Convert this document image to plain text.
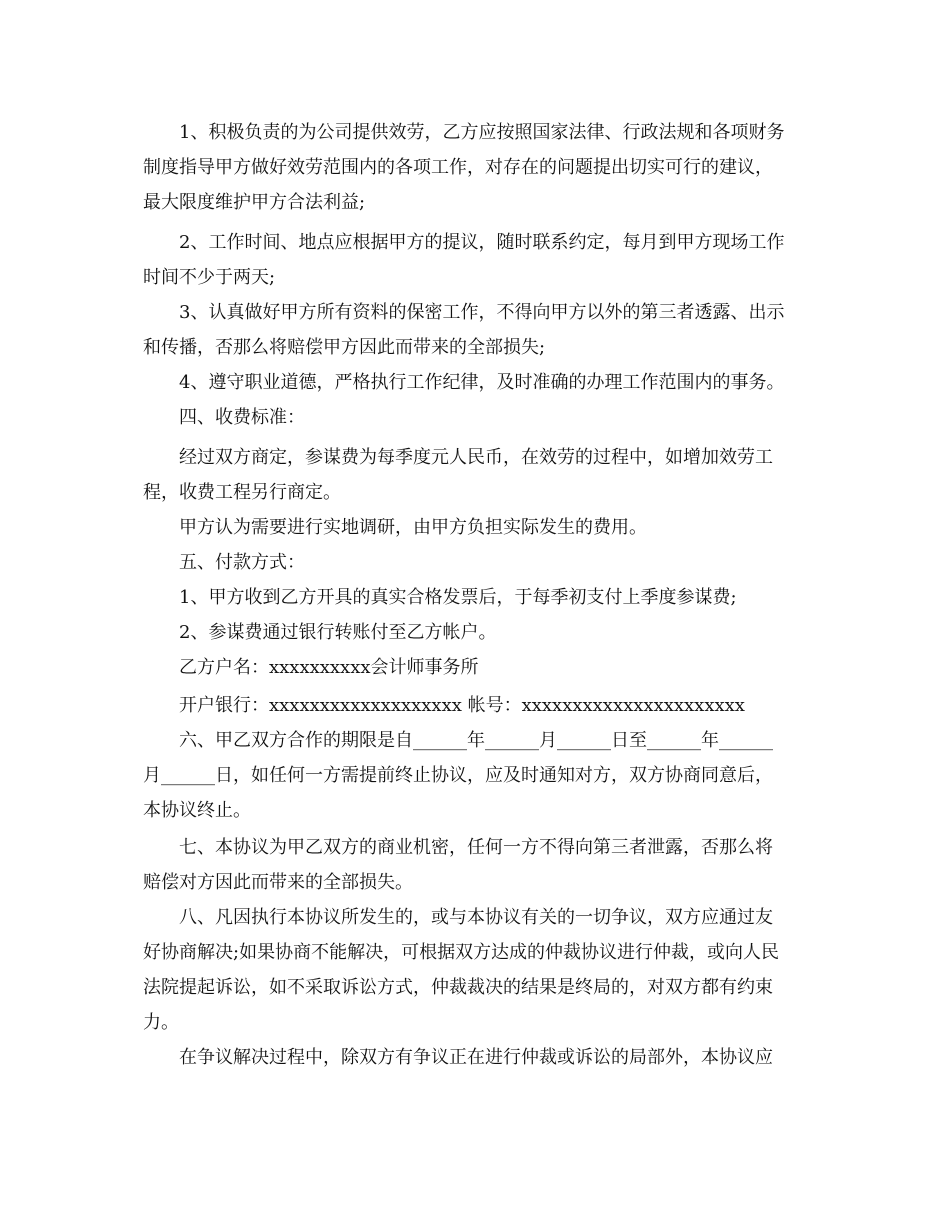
1、积极负责的为公司提供效劳，乙方应按照国家法律、行政法规和各项财务
制度指导甲方做好效劳范围内的各项工作，对存在的问题提出切实可行的建议，
最大限度维护甲方合法利益;
2、工作时间、地点应根据甲方的提议，随时联系约定，每月到甲方现场工作
时间不少于两天;
3、认真做好甲方所有资料的保密工作，不得向甲方以外的第三者透露、出示
和传播，否那么将赔偿甲方因此而带来的全部损失;
4、遵守职业道德，严格执行工作纪律，及时准确的办理工作范围内的事务。
四、收费标准：
经过双方商定，参谋费为每季度元人民币，在效劳的过程中，如增加效劳工
程，收费工程另行商定。
甲方认为需要进行实地调研，由甲方负担实际发生的费用。
五、付款方式：
1、甲方收到乙方开具的真实合格发票后，于每季初支付上季度参谋费;
2、参谋费通过银行转账付至乙方帐户。
乙方户名：xxxxxxxxxx会计师事务所
开户银行：xxxxxxxxxxxxxxxxxxx 帐号：xxxxxxxxxxxxxxxxxxxxxx
六、甲乙双方合作的期限是自______年______月______日至______年______
月______日，如任何一方需提前终止协议，应及时通知对方，双方协商同意后，
本协议终止。
七、本协议为甲乙双方的商业机密，任何一方不得向第三者泄露，否那么将
赔偿对方因此而带来的全部损失。
八、凡因执行本协议所发生的，或与本协议有关的一切争议，双方应通过友
好协商解决;如果协商不能解决，可根据双方达成的仲裁协议进行仲裁，或向人民
法院提起诉讼，如不采取诉讼方式，仲裁裁决的结果是终局的，对双方都有约束
力。
在争议解决过程中，除双方有争议正在进行仲裁或诉讼的局部外，本协议应
